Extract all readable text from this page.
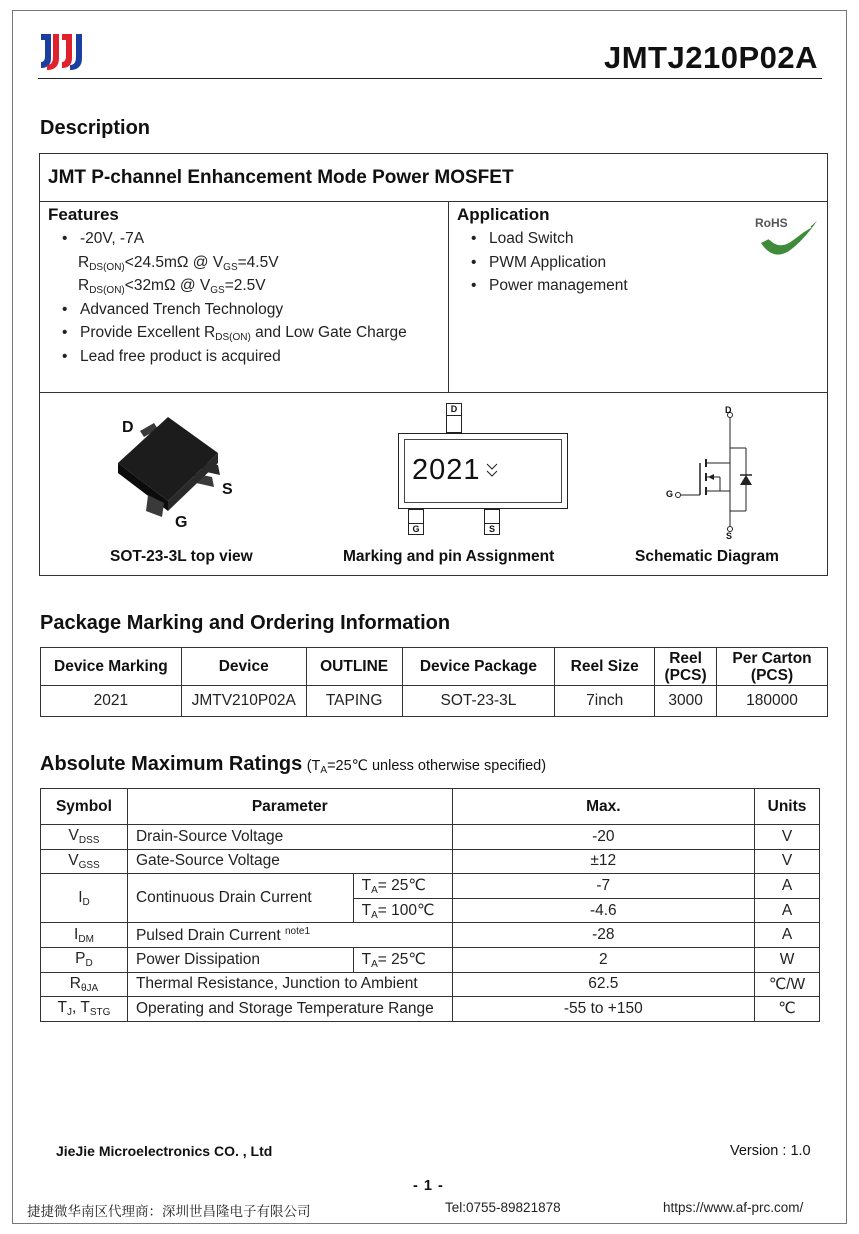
JMTJ210P02A
Description
JMT P-channel Enhancement Mode Power MOSFET
Features
• -20V, -7A
$R_{DS(ON)}<24.5m\Omega$ @ $V_{GS}=4.5V$
$R_{DS(ON)}<32m\Omega$ @ $V_{GS}=2.5V$
• Advanced Trench Technology
• Provide Excellent $R_{DS(ON)}$ and Low Gate Charge
• Lead free product is acquired
Application
• Load Switch
• PWM Application
• Power management
RoHS
D
S
G
SOT-23-3L top view
D
G	S
2021
Marking and pin Assignment
D
G
S
Schematic Diagram
Package Marking and Ordering Information
Device Marking	Device	OUTLINE	Device Package	Reel Size	Reel (PCS)	Per Carton (PCS)
2021	JMTV210P02A	TAPING	SOT-23-3L	7inch	3000	180000
Absolute Maximum Ratings ($T_A=25℃$ unless otherwise specified)
Symbol	Parameter		Max.	Units
$V_{DSS}$	Drain-Source Voltage		-20	V
$V_{GSS}$	Gate-Source Voltage		±12	V
$I_D$	Continuous Drain Current	$T_A=$ 25℃	-7	A
		$T_A=$ 100℃	-4.6	A
$I_{DM}$	Pulsed Drain Current $^{note1}$		-28	A
$P_D$	Power Dissipation	$T_A=$ 25℃	2	W
$R_{\theta JA}$	Thermal Resistance, Junction to Ambient		62.5	℃/W
$T_J$, $T_{STG}$	Operating and Storage Temperature Range		-55 to +150	℃
JieJie Microelectronics CO. , Ltd	Version : 1.0
- 1 -
捷捷微华南区代理商：深圳世昌隆电子有限公司	Tel:0755-89821878	https://www.af-prc.com/
